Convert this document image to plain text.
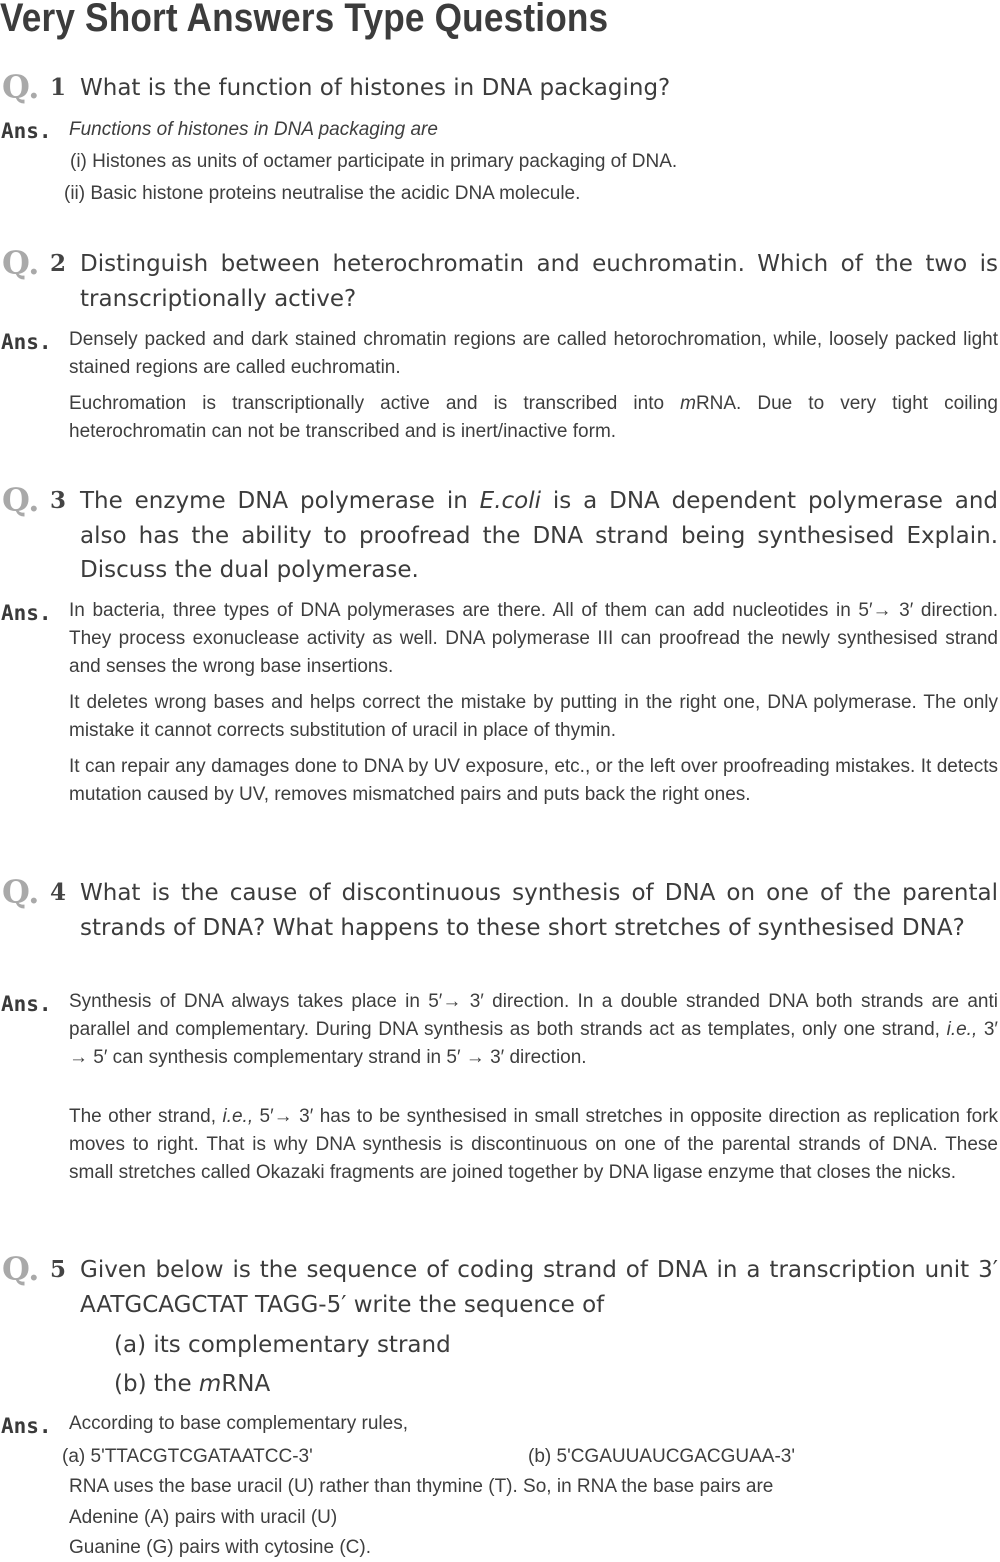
Very Short Answers Type Questions
Q. 1 What is the function of histones in DNA packaging?

Ans. Functions of histones in DNA packaging are
(i) Histones as units of octamer participate in primary packaging of DNA.
(ii) Basic histone proteins neutralise the acidic DNA molecule.
Q. 2 Distinguish between heterochromatin and euchromatin. Which of the two is transcriptionally active?

Ans. Densely packed and dark stained chromatin regions are called hetorochromation, while, loosely packed light stained regions are called euchromatin.

Euchromation is transcriptionally active and is transcribed into mRNA. Due to very tight coiling heterochromatin can not be transcribed and is inert/inactive form.

Q. 3 The enzyme DNA polymerase in E.coli is a DNA dependent polymerase and also has the ability to proofread the DNA strand being synthesised Explain. Discuss the dual polymerase.

Ans. In bacteria, three types of DNA polymerases are there. All of them can add nucleotides in 5′→ 3′ direction. They process exonuclease activity as well. DNA polymerase III can proofread the newly synthesised strand and senses the wrong base insertions.

It deletes wrong bases and helps correct the mistake by putting in the right one, DNA polymerase. The only mistake it cannot corrects substitution of uracil in place of thymin.

It can repair any damages done to DNA by UV exposure, etc., or the left over proofreading mistakes. It detects mutation caused by UV, removes mismatched pairs and puts back the right ones.

Q. 4 What is the cause of discontinuous synthesis of DNA on one of the parental strands of DNA? What happens to these short stretches of synthesised DNA?

Ans. Synthesis of DNA always takes place in 5′→ 3′ direction. In a double stranded DNA both strands are anti parallel and complementary. During DNA synthesis as both strands act as templates, only one strand, i.e., 3′ → 5′ can synthesis complementary strand in 5′ → 3′ direction.

The other strand, i.e., 5′→ 3′ has to be synthesised in small stretches in opposite direction as replication fork moves to right. That is why DNA synthesis is discontinuous on one of the parental strands of DNA. These small stretches called Okazaki fragments are joined together by DNA ligase enzyme that closes the nicks.

Q. 5 Given below is the sequence of coding strand of DNA in a transcription unit 3′ AATGCAGCTAT TAGG-5′ write the sequence of

(a) its complementary strand
(b) the mRNA
Ans. According to base complementary rules,
(a) 5'TTACGTCGATAATCC-3'	(b) 5'CGAUUAUCGACGUAA-3'
RNA uses the base uracil (U) rather than thymine (T). So, in RNA the base pairs are
Adenine (A) pairs with uracil (U)
Guanine (G) pairs with cytosine (C).
